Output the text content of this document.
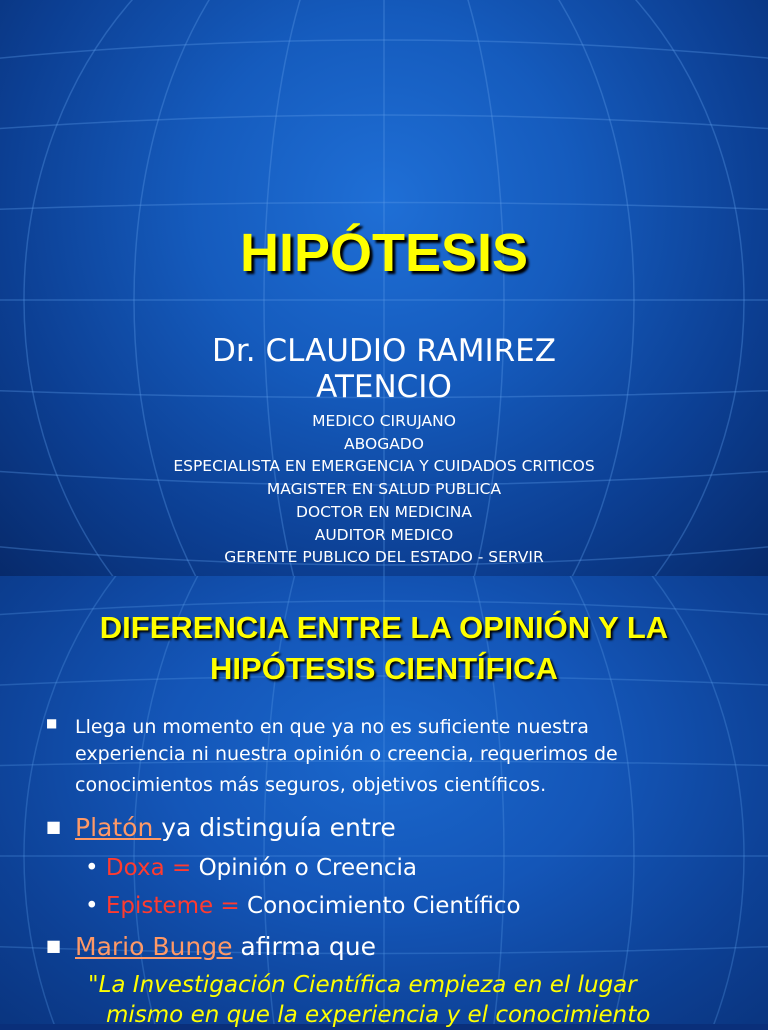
HIPÓTESIS
Dr. CLAUDIO RAMIREZ
ATENCIO
MEDICO CIRUJANO
ABOGADO
ESPECIALISTA EN EMERGENCIA Y CUIDADOS CRITICOS
MAGISTER EN SALUD PUBLICA
DOCTOR EN MEDICINA
AUDITOR MEDICO
GERENTE PUBLICO DEL ESTADO - SERVIR
DIFERENCIA ENTRE LA OPINIÓN Y LA
HIPÓTESIS CIENTÍFICA
■ Llega un momento en que ya no es suficiente nuestra
experiencia ni nuestra opinión o creencia, requerimos de
conocimientos más seguros, objetivos científicos.
■ Platón ya distinguía entre
• Doxa = Opinión o Creencia
• Episteme = Conocimiento Científico
■ Mario Bunge afirma que
"La Investigación Científica empieza en el lugar
mismo en que la experiencia y el conocimiento
